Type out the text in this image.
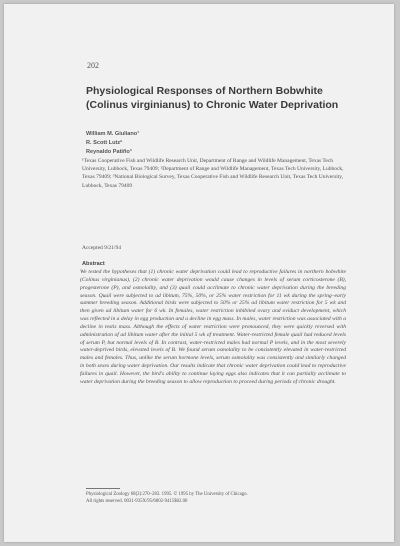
202
Physiological Responses of Northern Bobwhite
(Colinus virginianus) to Chronic Water Deprivation
William M. Giuliano¹
R. Scott Lutz²
Reynaldo Patiño³
¹Texas Cooperative Fish and Wildlife Research Unit, Department of Range and Wildlife Management, Texas Tech University, Lubbock, Texas 79409; ²Department of Range and Wildlife Management, Texas Tech University, Lubbock, Texas 79409; ³National Biological Survey, Texas Cooperative Fish and Wildlife Research Unit, Texas Tech University, Lubbock, Texas 79409
Accepted 9/21/94
Abstract
We tested the hypotheses that (1) chronic water deprivation could lead to reproductive failures in northern bobwhite (Colinus virginianus), (2) chronic water deprivation would cause changes in levels of serum corticosterone (B), progesterone (P), and osmolality, and (3) quail could acclimate to chronic water deprivation during the breeding season. Quail were subjected to ad libitum, 75%, 50%, or 25% water restriction for 11 wk during the spring–early summer breeding season. Additional birds were subjected to 50% or 25% ad libitum water restriction for 5 wk and then given ad libitum water for 6 wk. In females, water restriction inhibited ovary and oviduct development, which was reflected in a delay in egg production and a decline in egg mass. In males, water restriction was associated with a decline in testis mass. Although the effects of water restriction were pronounced, they were quickly reversed with administration of ad libitum water after the initial 5 wk of treatment. Water-restricted female quail had reduced levels of serum P, but normal levels of B. In contrast, water-restricted males had normal P levels, and in the most severely water-deprived birds, elevated levels of B. We found serum osmolality to be consistently elevated in water-restricted males and females. Thus, unlike the serum hormone levels, serum osmolality was consistently and similarly changed in both sexes during water deprivation. Our results indicate that chronic water deprivation could lead to reproductive failures in quail. However, the bird's ability to continue laying eggs also indicates that it can partially acclimate to water deprivation during the breeding season to allow reproduction to proceed during periods of chronic drought.
Physiological Zoology 68(2):270–283. 1995. © 1995 by The University of Chicago.
All rights reserved. 0031-935X/95/6802-9415$02.00
